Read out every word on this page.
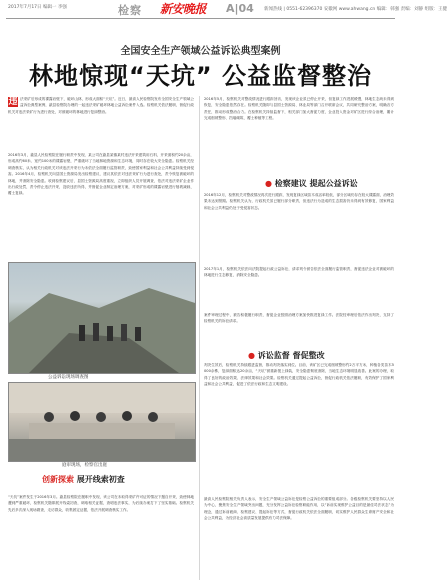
2017年7月17日 编辑一 李强	检察 新安晚报 A|04 新闻热线 | 0551-62396370 安徽网 www.ahwang.cn 编辑：韩强 责编：刘静 组版：王健
全国安全生产领域公益诉讼典型案例
林地惊现“天坑” 公益监督整治
违 法采矿后形成的裸露岩壁下，破坏山林，形成大面积“天坑”。近日，最高人民检察院发布全国安全生产领域公益诉讼典型案例，歙县检察院办理的一起违法采矿破坏林地公益诉讼案件入选。检察机关依法履职，督促行政机关对违法采矿行为进行查处，对被破坏的林地进行复绿整治。
2016年3月，歙县人民检察院在履行职责中发现，某公司在歙县某镇某村违法开采建筑用石料，开采面积约20余亩，形成高约60米、宽约100米的裸露岩壁，严重破坏了当地林地资源和生态环境，同时存在较大安全隐患。检察机关经调查核实，认为相关行政机关对该违法开采行为未依法全面履行监管职责，致使国家利益和社会公共利益持续受到侵害。2016年4月，检察机关向县国土资源局发出检察建议，建议其依法对违法采矿行为进行查处，责令恢复被破坏的林地，并消除安全隐患。收到检察建议后，县国土资源局高度重视，立即组织人员开展调查，依法对违法采矿企业作出行政处罚，责令停止违法开采，没收违法所得，并督促企业制定治理方案，对采矿形成的裸露岩壁进行削坡减载、覆土复绿。
2016年5月，检察机关对整改情况进行跟踪回访，发现该企业虽已停止开采，但复绿工作进展缓慢，林地生态尚未得到恢复，安全隐患依然存在。检察机关随即与县国土资源局、林业局等部门召开联席会议，共同研究整治方案，明确各方责任，推动形成整治合力。在检察机关持续监督下，相关部门加大督促力度，企业投入资金对矿区进行综合治理，累计完成削坡整形、挡墙砌筑、覆土种植等工程。
● 检察建议 提起公益诉讼
2016年12月，检察机关对整改情况再次进行跟踪，发现复绿区域苗木成活率较低，部分区域仍存在较大裸露面，治理效果未达到预期。检察机关认为，行政机关虽已履行部分职责，但违法行为造成的生态损害仍未得到有效修复，国家利益和社会公共利益仍处于受侵害状态。
2017年1月，检察机关依法向法院提起行政公益诉讼，请求判令被告依法全面履行监管职责，督促违法企业对被破坏的林地进行生态修复，消除安全隐患。
案件审理过程中，被告积极履行职责，督促企业按照治理方案加快推进复绿工作。法院经审理后依法作出判决，支持了检察机关的诉讼请求。
● 诉讼监督 督促整改
判决生效后，检察机关持续跟进监督，推动判决落实到位。目前，该矿区已完成削坡整形约2万平方米，种植各类苗木5000余株，复绿面积达20余亩，“天坑”被重新披上绿装，安全隐患彻底消除，当地生态环境明显改善。此案的办理，取得了良好的政治效果、法律效果和社会效果。检察机关通过提起公益诉讼，督促行政机关依法履职，有效保护了国家利益和社会公共利益，促进了依法行政和生态文明建设。
最高人民检察院相关负责人表示，安全生产领域公益诉讼是检察公益诉讼的重要组成部分。各级检察机关要坚持以人民为中心，聚焦安全生产领域突出问题，充分发挥公益诉讼检察职能作用，以“诉前实现维护公益目的是最佳司法状态”为理念，通过诉前磋商、检察建议、提起诉讼等方式，督促行政机关依法全面履职，切实维护人民群众生命财产安全和社会公共利益，为经济社会高质量发展提供有力司法保障。
公益诉讼现场调查图
庭审现场，检察官出庭
创新探索 展开线索初查
“天坑”案件发生于2016年3月。歙县检察院在履职中发现，该公司在未取得采矿许可证的情况下擅自开采，致使林地遭到严重破坏，检察机关随即展开线索初查，调取相关证据，查明违法事实，为后续办案打下了坚实基础。检察机关先后多次深入现场勘查，走访群众，收集固定证据，依法开展调查核实工作。
